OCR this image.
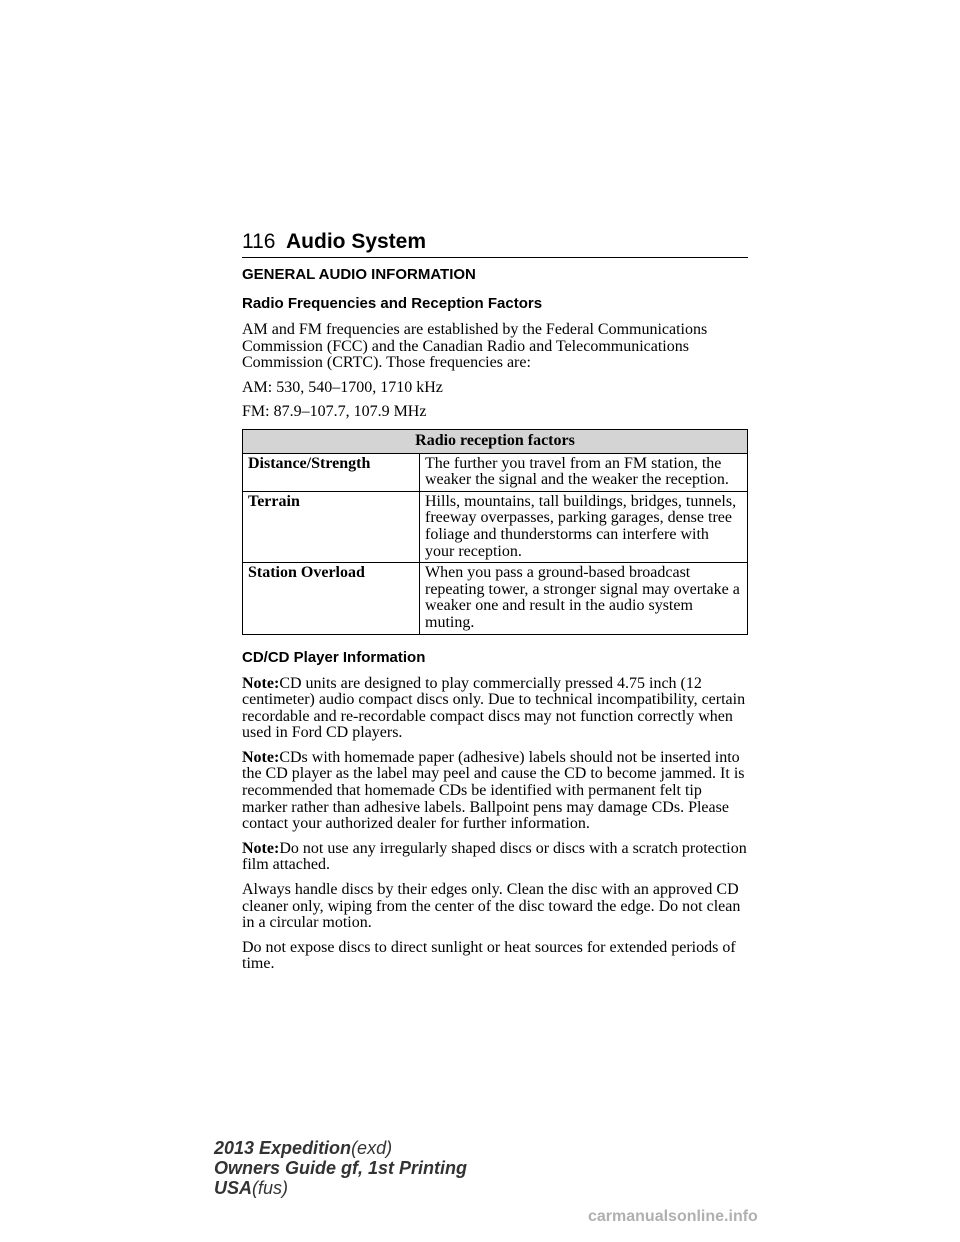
116 Audio System
GENERAL AUDIO INFORMATION
Radio Frequencies and Reception Factors

AM and FM frequencies are established by the Federal Communications Commission (FCC) and the Canadian Radio and Telecommunications Commission (CRTC). Those frequencies are:

AM: 530, 540–1700, 1710 kHz

FM: 87.9–107.7, 107.9 MHz

Radio reception factors	
Distance/Strength	The further you travel from an FM station, the weaker the signal and the weaker the reception.
Terrain	Hills, mountains, tall buildings, bridges, tunnels, freeway overpasses, parking garages, dense tree foliage and thunderstorms can interfere with your reception.
Station Overload	When you pass a ground-based broadcast repeating tower, a stronger signal may overtake a weaker one and result in the audio system muting.
CD/CD Player Information

Note:CD units are designed to play commercially pressed 4.75 inch (12 centimeter) audio compact discs only. Due to technical incompatibility, certain recordable and re-recordable compact discs may not function correctly when used in Ford CD players.

Note:CDs with homemade paper (adhesive) labels should not be inserted into the CD player as the label may peel and cause the CD to become jammed. It is recommended that homemade CDs be identified with permanent felt tip marker rather than adhesive labels. Ballpoint pens may damage CDs. Please contact your authorized dealer for further information.

Note:Do not use any irregularly shaped discs or discs with a scratch protection film attached.

Always handle discs by their edges only. Clean the disc with an approved CD cleaner only, wiping from the center of the disc toward the edge. Do not clean in a circular motion.

Do not expose discs to direct sunlight or heat sources for extended periods of time.

2013 Expedition(exd)
Owners Guide gf, 1st Printing
USA(fus)
carmanualsonline.info
